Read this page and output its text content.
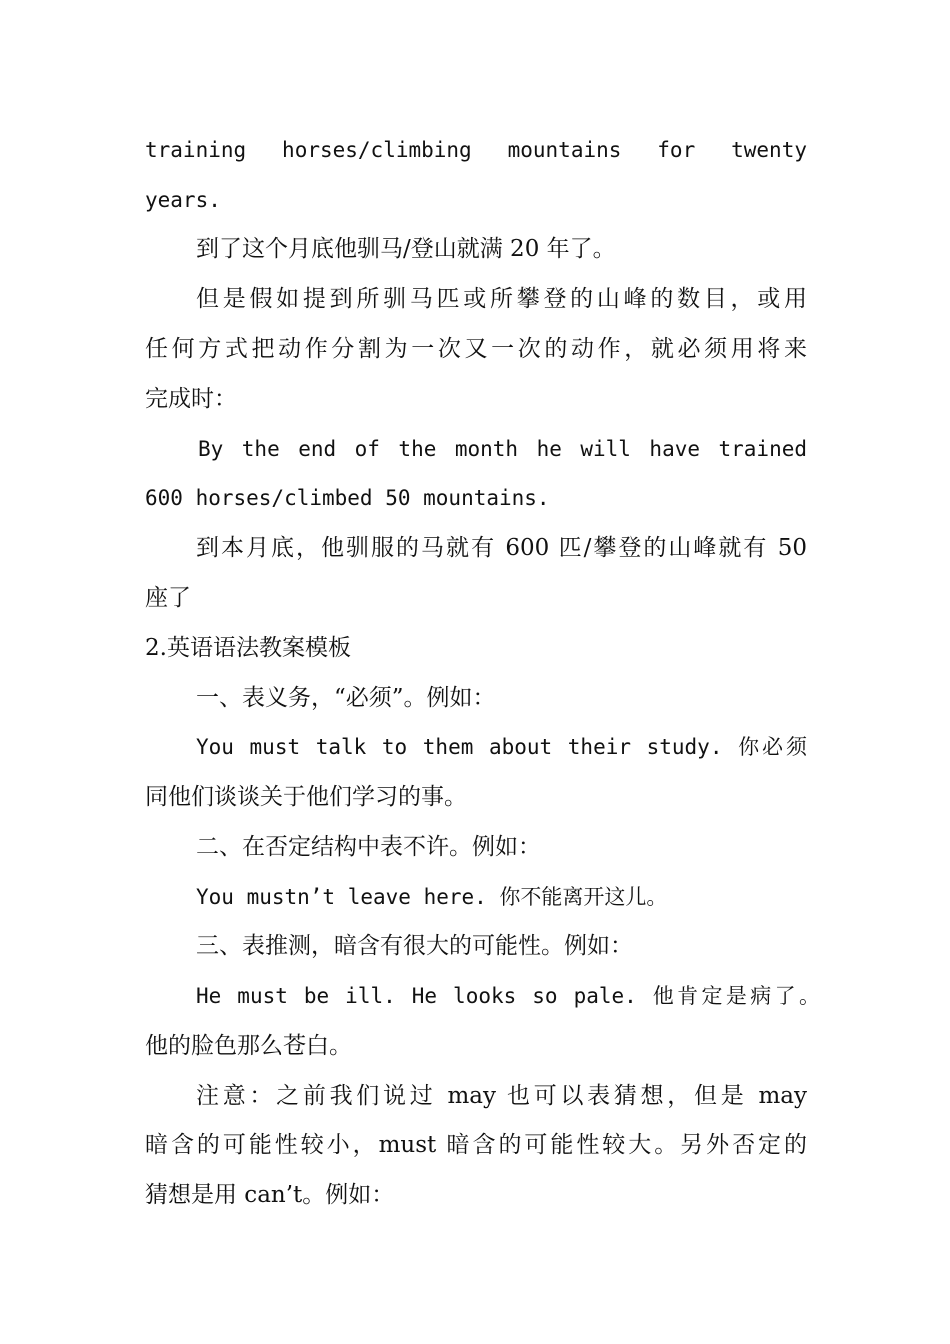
training horses/climbing mountains for twenty
years.
到了这个月底他驯马/登山就满 20 年了。
但是假如提到所驯马匹或所攀登的山峰的数目，或用
任何方式把动作分割为一次又一次的动作，就必须用将来
完成时：
By the end of the month he will have trained
600 horses/climbed 50 mountains.
到本月底，他驯服的马就有 600 匹/攀登的山峰就有 50
座了
2.英语语法教案模板
一、表义务，“必须”。例如：
You must talk to them about their study. 你必须
同他们谈谈关于他们学习的事。
二、在否定结构中表不许。例如：
You mustn’t leave here. 你不能离开这儿。
三、表推测，暗含有很大的可能性。例如：
He must be ill. He looks so pale. 他肯定是病了。
他的脸色那么苍白。
注意：之前我们说过 may 也可以表猜想，但是 may
暗含的可能性较小，must 暗含的可能性较大。另外否定的
猜想是用 can’t。例如：
